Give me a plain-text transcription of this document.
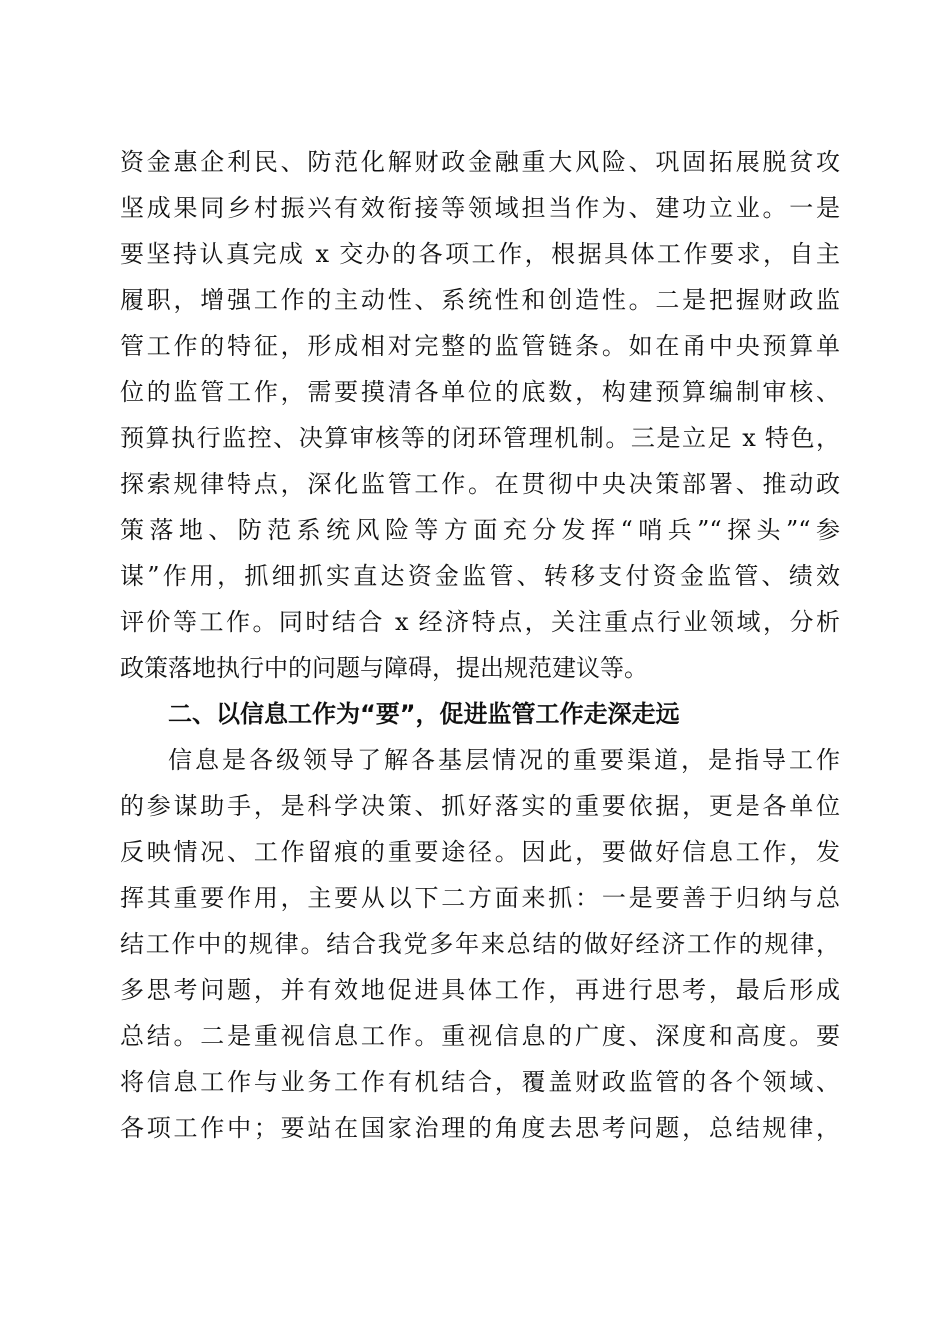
资金惠企利民、防范化解财政金融重大风险、巩固拓展脱贫攻
坚成果同乡村振兴有效衔接等领域担当作为、建功立业。一是
要坚持认真完成 x 交办的各项工作，根据具体工作要求，自主
履职，增强工作的主动性、系统性和创造性。二是把握财政监
管工作的特征，形成相对完整的监管链条。如在甬中央预算单
位的监管工作，需要摸清各单位的底数，构建预算编制审核、
预算执行监控、决算审核等的闭环管理机制。三是立足 x 特色，
探索规律特点，深化监管工作。在贯彻中央决策部署、推动政
策落地、防范系统风险等方面充分发挥“哨兵”“探头”“参
谋”作用，抓细抓实直达资金监管、转移支付资金监管、绩效
评价等工作。同时结合 x 经济特点，关注重点行业领域，分析
政策落地执行中的问题与障碍，提出规范建议等。
二、以信息工作为“要”，促进监管工作走深走远
信息是各级领导了解各基层情况的重要渠道，是指导工作
的参谋助手，是科学决策、抓好落实的重要依据，更是各单位
反映情况、工作留痕的重要途径。因此，要做好信息工作，发
挥其重要作用，主要从以下二方面来抓：一是要善于归纳与总
结工作中的规律。结合我党多年来总结的做好经济工作的规律，
多思考问题，并有效地促进具体工作，再进行思考，最后形成
总结。二是重视信息工作。重视信息的广度、深度和高度。要
将信息工作与业务工作有机结合，覆盖财政监管的各个领域、
各项工作中；要站在国家治理的角度去思考问题，总结规律，
